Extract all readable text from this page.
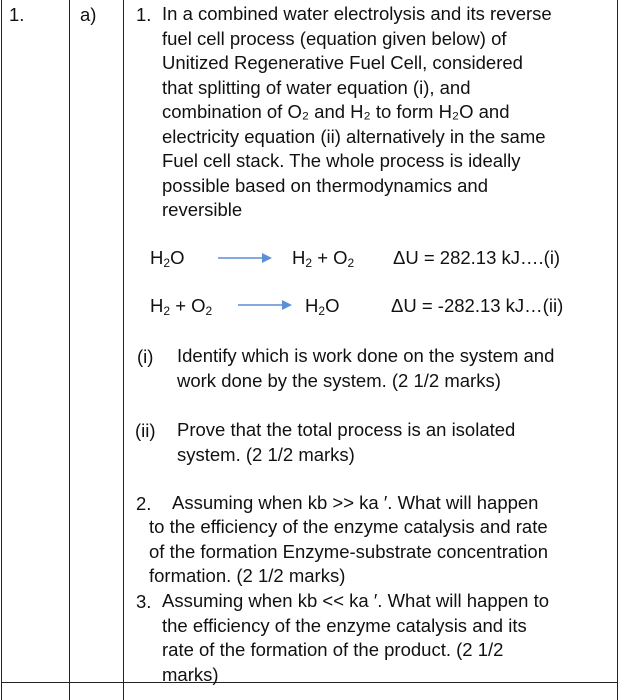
1.	a) 1. In a combined water electrolysis and its reverse
fuel cell process (equation given below) of
Unitized Regenerative Fuel Cell, considered
that splitting of water equation (i), and
combination of O₂ and H₂ to form H₂O and
electricity equation (ii) alternatively in the same
Fuel cell stack. The whole process is ideally
possible based on thermodynamics and
reversible
$H_2O$	$H_2 + O_2$ ΔU = 282.13 kJ….(i)
$H_2 + O_2$	$H_2O$	ΔU = -282.13 kJ…(ii)
(i) Identify which is work done on the system and
work done by the system. (2 1/2 marks)
(ii) Prove that the total process is an isolated
system. (2 1/2 marks)
2. Assuming when kb >> ka ′. What will happen
to the efficiency of the enzyme catalysis and rate
of the formation Enzyme-substrate concentration
formation. (2 1/2 marks)
3. Assuming when kb << ka ′. What will happen to
the efficiency of the enzyme catalysis and its
rate of the formation of the product. (2 1/2
marks)
